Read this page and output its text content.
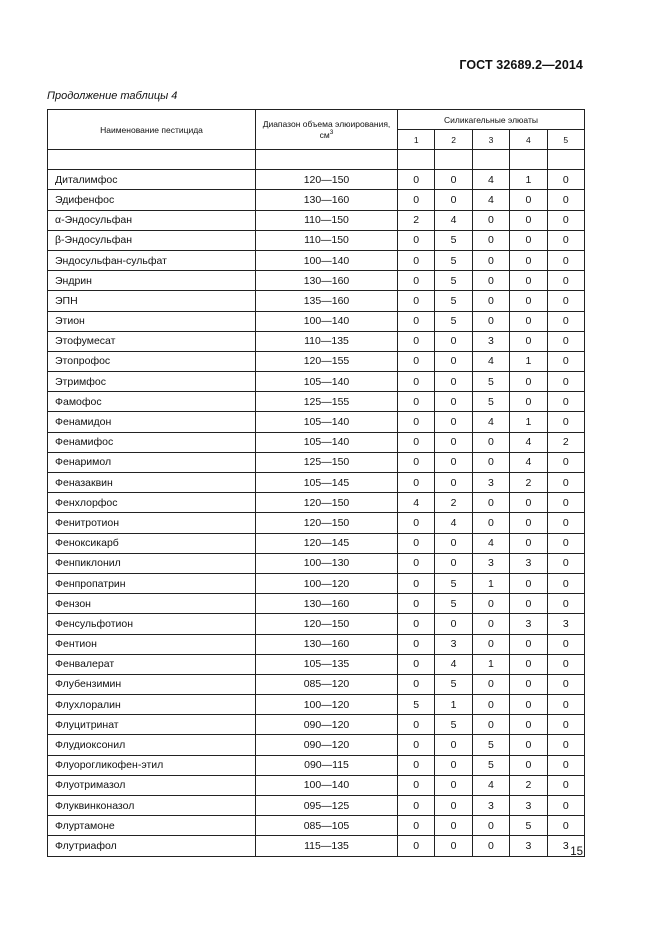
ГОСТ 32689.2—2014
Продолжение таблицы 4
Наименование пестицида	Диапазон объема элюирования, $см^3$	Силикагельные элюаты				
		1	2	3	4	5

Диталимфос	120—150	0	0	4	1	0
Эдифенфос	130—160	0	0	4	0	0
α-Эндосульфан	110—150	2	4	0	0	0
β-Эндосульфан	110—150	0	5	0	0	0
Эндосульфан-сульфат	100—140	0	5	0	0	0
Эндрин	130—160	0	5	0	0	0
ЭПН	135—160	0	5	0	0	0
Этион	100—140	0	5	0	0	0
Этофумесат	110—135	0	0	3	0	0
Этопрофос	120—155	0	0	4	1	0
Этримфос	105—140	0	0	5	0	0
Фамофос	125—155	0	0	5	0	0
Фенамидон	105—140	0	0	4	1	0
Фенамифос	105—140	0	0	0	4	2
Фенаримол	125—150	0	0	0	4	0
Феназаквин	105—145	0	0	3	2	0
Фенхлорфос	120—150	4	2	0	0	0
Фенитротион	120—150	0	4	0	0	0
Феноксикарб	120—145	0	0	4	0	0
Фенпиклонил	100—130	0	0	3	3	0
Фенпропатрин	100—120	0	5	1	0	0
Фензон	130—160	0	5	0	0	0
Фенсульфотион	120—150	0	0	0	3	3
Фентион	130—160	0	3	0	0	0
Фенвалерат	105—135	0	4	1	0	0
Флубензимин	085—120	0	5	0	0	0
Флухлоралин	100—120	5	1	0	0	0
Флуцитринат	090—120	0	5	0	0	0
Флудиоксонил	090—120	0	0	5	0	0
Флуорогликофен-этил	090—115	0	0	5	0	0
Флуотримазол	100—140	0	0	4	2	0
Флуквинконазол	095—125	0	0	3	3	0
Флуртамоне	085—105	0	0	0	5	0
Флутриафол	115—135	0	0	0	3	3
15
